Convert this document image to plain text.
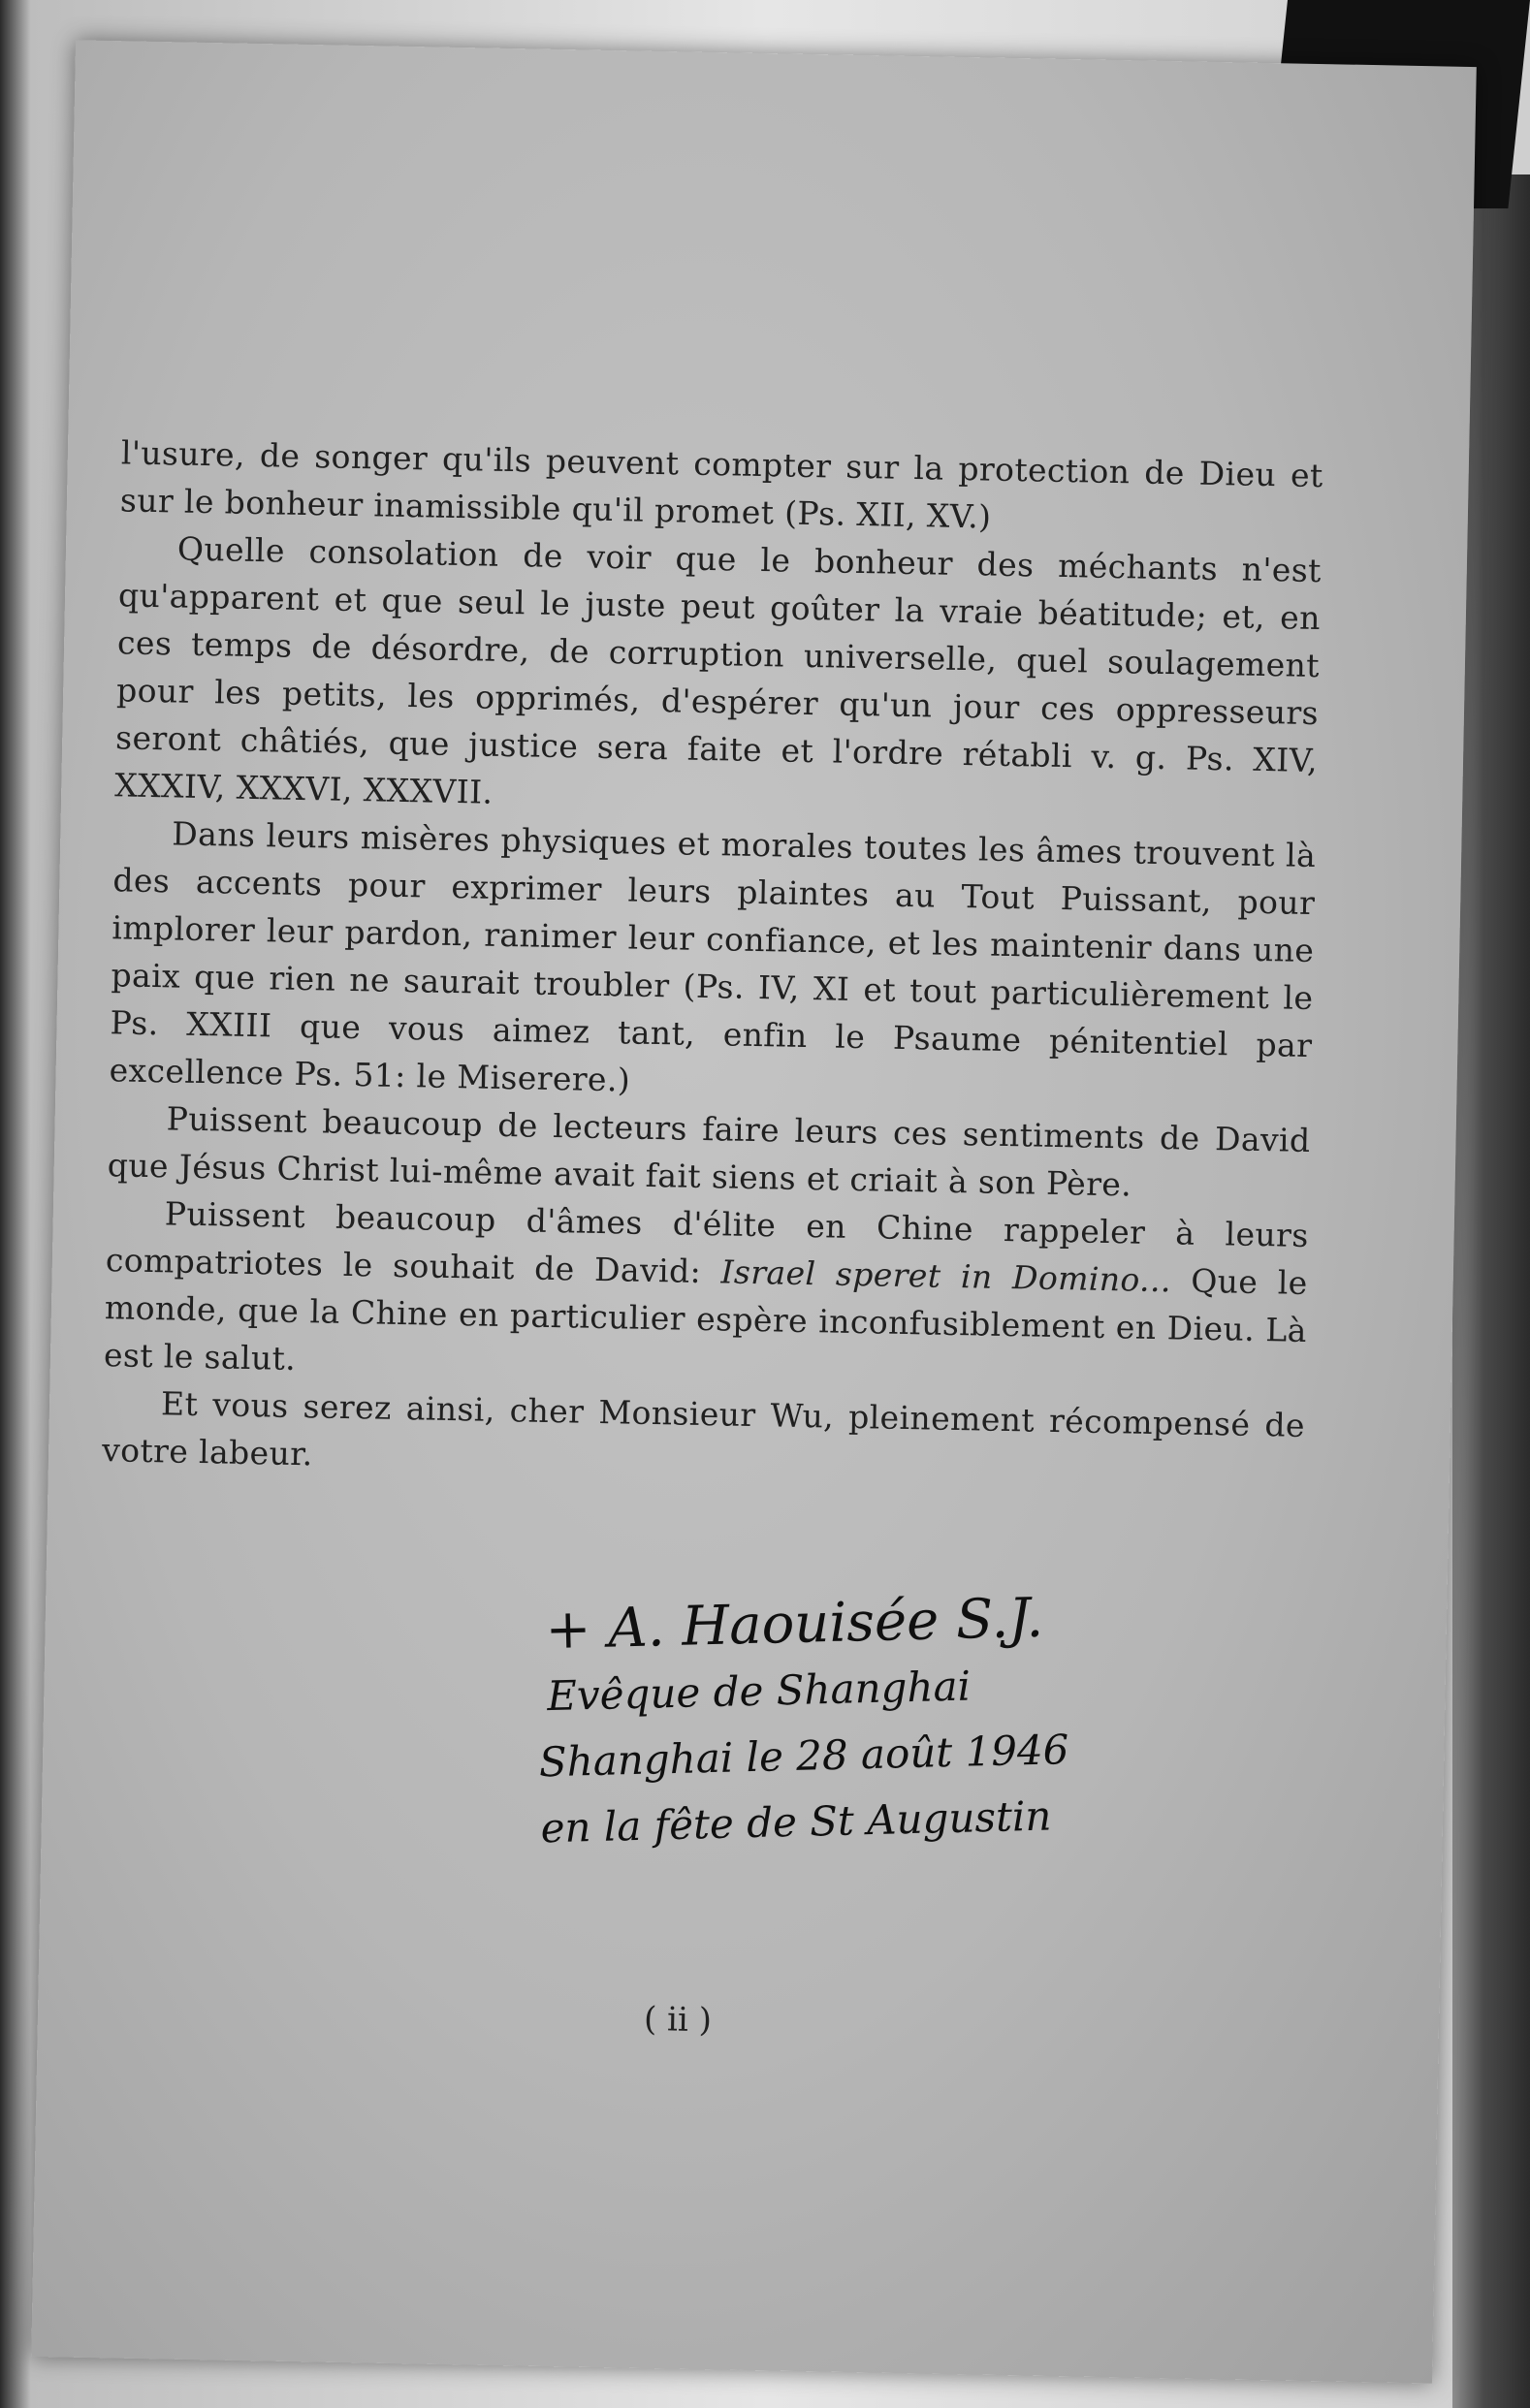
l'usure, de songer qu'ils peuvent compter sur la protection de Dieu et sur le bonheur inamissible qu'il promet (Ps. XII, XV.)

Quelle consolation de voir que le bonheur des méchants n'est qu'apparent et que seul le juste peut goûter la vraie béatitude; et, en ces temps de désordre, de corruption universelle, quel soulagement pour les petits, les opprimés, d'espérer qu'un jour ces oppresseurs seront châtiés, que justice sera faite et l'ordre rétabli v. g. Ps. XIV, XXXIV, XXXVI, XXXVII.

Dans leurs misères physiques et morales toutes les âmes trouvent là des accents pour exprimer leurs plaintes au Tout Puissant, pour implorer leur pardon, ranimer leur confiance, et les maintenir dans une paix que rien ne saurait troubler (Ps. IV, XI et tout particulièrement le Ps. XXIII que vous aimez tant, enfin le Psaume pénitentiel par excellence Ps. 51: le Miserere.)

Puissent beaucoup de lecteurs faire leurs ces sentiments de David que Jésus Christ lui-même avait fait siens et criait à son Père.

Puissent beaucoup d'âmes d'élite en Chine rappeler à leurs compatriotes le souhait de David: Israel speret in Domino... Que le monde, que la Chine en particulier espère inconfusiblement en Dieu. Là est le salut.

Et vous serez ainsi, cher Monsieur Wu, pleinement récompensé de votre labeur.

+ A. Haouisée S.J.
Evêque de Shanghai
Shanghai le 28 août 1946
en la fête de St Augustin
( ii )
